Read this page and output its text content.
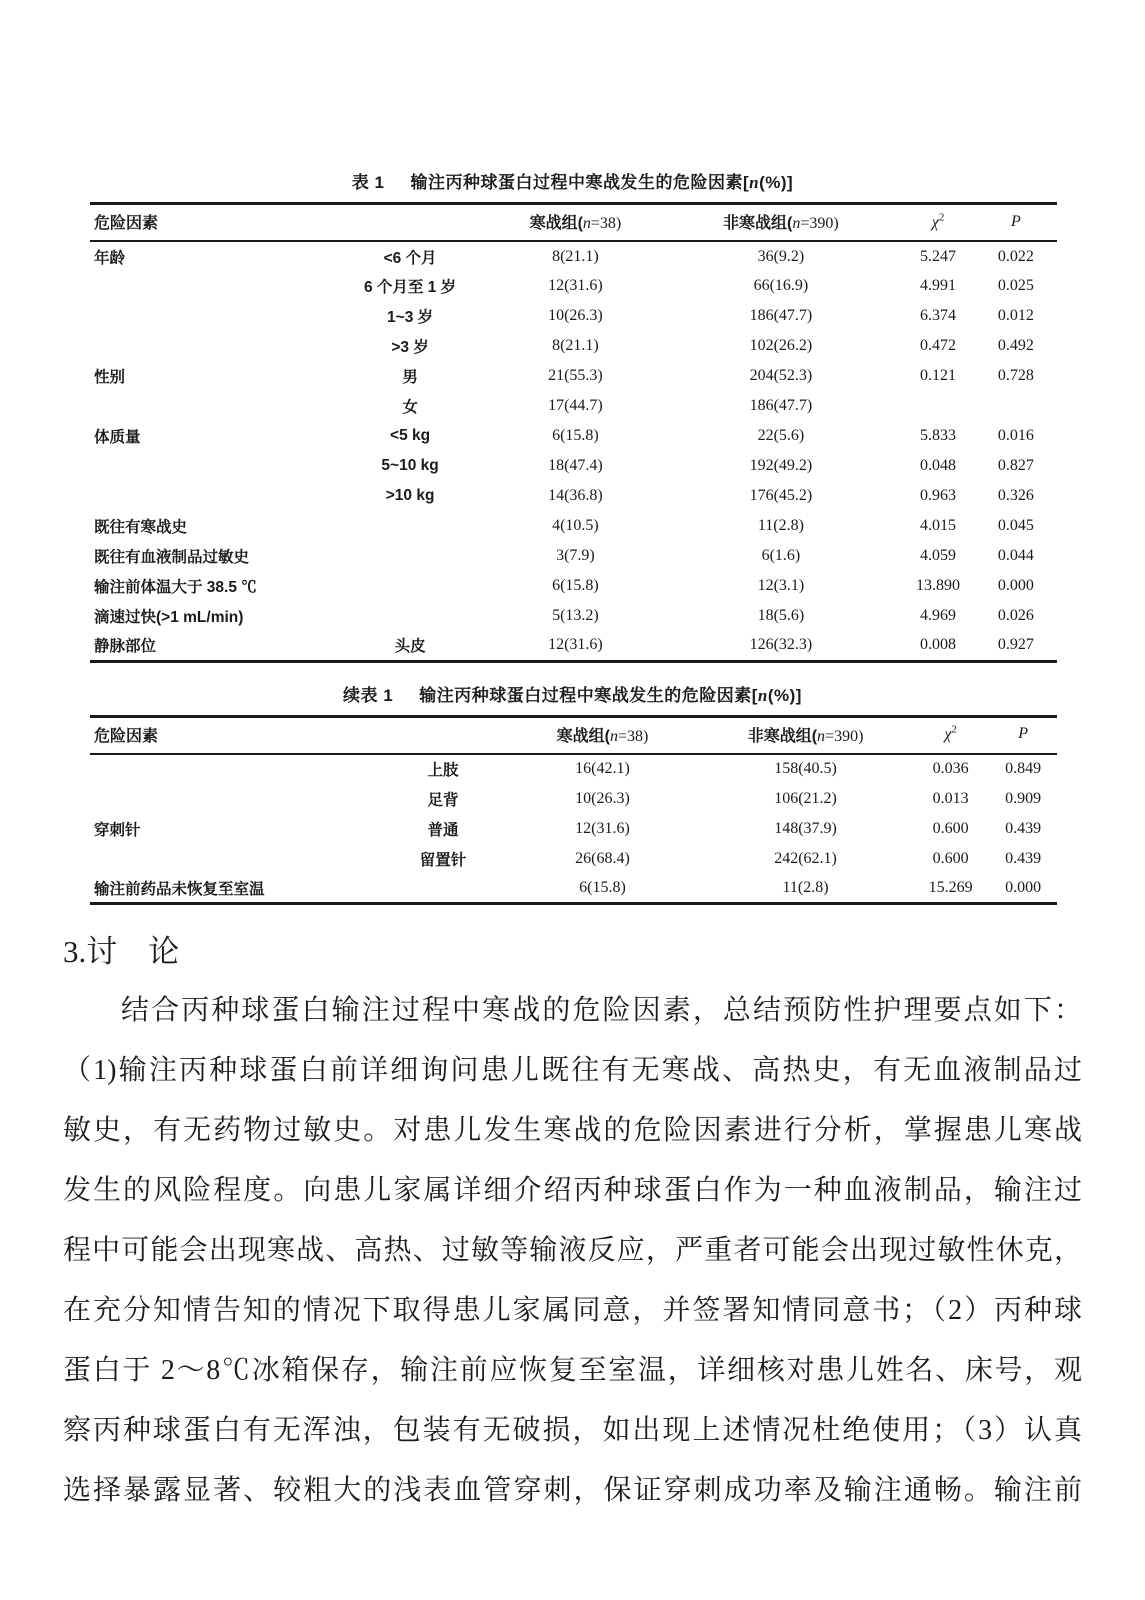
表 1 输注丙种球蛋白过程中寒战发生的危险因素[n(%)]
危险因素		寒战组(n=38)	非寒战组(n=390)	$\chi^2$	P
年龄	<6 个月	8(21.1)	36(9.2)	5.247	0.022
	6 个月至 1 岁	12(31.6)	66(16.9)	4.991	0.025
	1~3 岁	10(26.3)	186(47.7)	6.374	0.012
	>3 岁	8(21.1)	102(26.2)	0.472	0.492
性别	男	21(55.3)	204(52.3)	0.121	0.728
	女	17(44.7)	186(47.7)		
体质量	<5 kg	6(15.8)	22(5.6)	5.833	0.016
	5~10 kg	18(47.4)	192(49.2)	0.048	0.827
	>10 kg	14(36.8)	176(45.2)	0.963	0.326
既往有寒战史		4(10.5)	11(2.8)	4.015	0.045
既往有血液制品过敏史		3(7.9)	6(1.6)	4.059	0.044
输注前体温大于 38.5 ℃		6(15.8)	12(3.1)	13.890	0.000
滴速过快(>1 mL/min)		5(13.2)	18(5.6)	4.969	0.026
静脉部位	头皮	12(31.6)	126(32.3)	0.008	0.927
续表 1 输注丙种球蛋白过程中寒战发生的危险因素[n(%)]
危险因素		寒战组(n=38)	非寒战组(n=390)	$\chi^2$	P
	上肢	16(42.1)	158(40.5)	0.036	0.849
	足背	10(26.3)	106(21.2)	0.013	0.909
穿刺针	普通	12(31.6)	148(37.9)	0.600	0.439
	留置针	26(68.4)	242(62.1)	0.600	0.439
输注前药品未恢复至室温		6(15.8)	11(2.8)	15.269	0.000
3.讨　论
结合丙种球蛋白输注过程中寒战的危险因素，总结预防性护理要点如下：
（1)输注丙种球蛋白前详细询问患儿既往有无寒战、高热史，有无血液制品过
敏史，有无药物过敏史。对患儿发生寒战的危险因素进行分析，掌握患儿寒战
发生的风险程度。向患儿家属详细介绍丙种球蛋白作为一种血液制品，输注过
程中可能会出现寒战、高热、过敏等输液反应，严重者可能会出现过敏性休克，
在充分知情告知的情况下取得患儿家属同意，并签署知情同意书；（2）丙种球
蛋白于 2～8℃冰箱保存，输注前应恢复至室温，详细核对患儿姓名、床号，观
察丙种球蛋白有无浑浊，包装有无破损，如出现上述情况杜绝使用；（3）认真
选择暴露显著、较粗大的浅表血管穿刺，保证穿刺成功率及输注通畅。输注前
